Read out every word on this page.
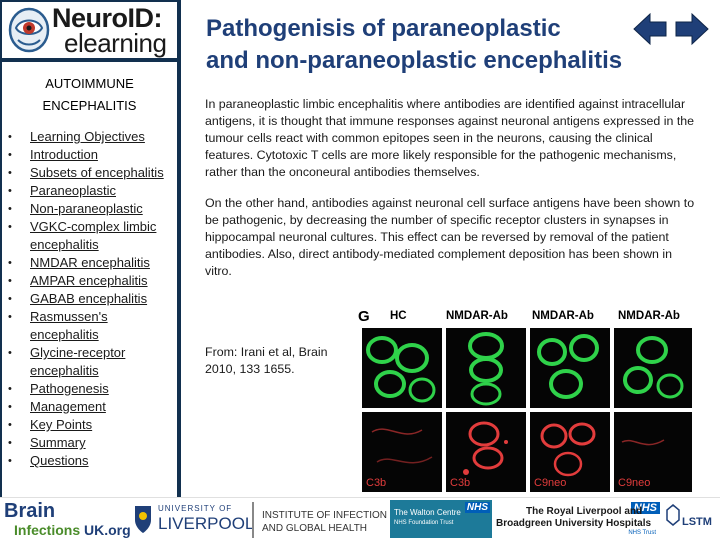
NeuroID:
elearning
AUTOIMMUNE
ENCEPHALITIS
• Learning Objectives
• Introduction
• Subsets of encephalitis
• Paraneoplastic
• Non-paraneoplastic
• VGKC-complex limbic encephalitis
• NMDAR encephalitis
• AMPAR encephalitis
• GABAB encephalitis
• Rasmussen's encephalitis
• Glycine-receptor encephalitis
• Pathogenesis
• Management
• Key Points
• Summary
• Questions
Pathogenisis of paraneoplastic
and non-paraneoplastic encephalitis

In paraneoplastic limbic encephalitis where antibodies are identified against intracellular antigens, it is thought that immune responses against neuronal antigens expressed in the tumour cells react with common epitopes seen in the neurons, causing the clinical features. Cytotoxic T cells are more likely responsible for the pathogenic mechanisms, rather than the onconeural antibodies themselves.

On the other hand, antibodies against neuronal cell surface antigens have been shown to be pathogenic, by decreasing the number of specific receptor clusters in synapses in hippocampal neuronal cultures. This effect can be reversed by removal of the patient antibodies. Also, direct antibody-mediated complement deposition has been shown in vitro.

From: Irani et al, Brain 2010, 133 1655.
G HC	NMDAR-Ab NMDAR-Ab NMDAR-Ab
C3b	C3b	C9neo	C9neo
Brain
Infections UK.org
UNIVERSITY OF
LIVERPOOL INSTITUTE OF INFECTION
AND GLOBAL HEALTH
The Walton Centre
NHS Foundation Trust
NHS	NHS
The Royal Liverpool and
Broadgreen University Hospitals
NHS Trust
LSTM
